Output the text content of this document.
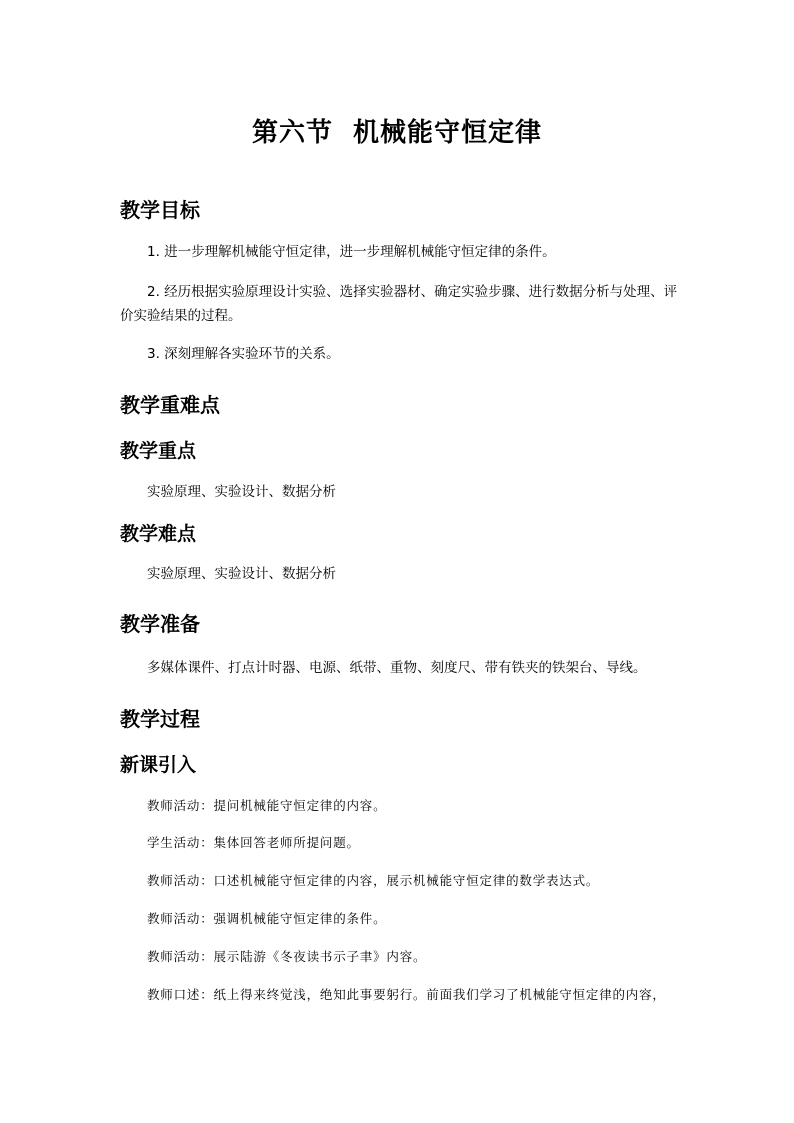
第六节  机械能守恒定律
教学目标
1. 进一步理解机械能守恒定律，进一步理解机械能守恒定律的条件。
2. 经历根据实验原理设计实验、选择实验器材、确定实验步骤、进行数据分析与处理、评价实验结果的过程。
3. 深刻理解各实验环节的关系。
教学重难点
教学重点
实验原理、实验设计、数据分析
教学难点
实验原理、实验设计、数据分析
教学准备
多媒体课件、打点计时器、电源、纸带、重物、刻度尺、带有铁夹的铁架台、导线。
教学过程
新课引入
教师活动：提问机械能守恒定律的内容。
学生活动：集体回答老师所提问题。
教师活动：口述机械能守恒定律的内容，展示机械能守恒定律的数学表达式。
教师活动：强调机械能守恒定律的条件。
教师活动：展示陆游《冬夜读书示子聿》内容。
教师口述：纸上得来终觉浅，绝知此事要躬行。前面我们学习了机械能守恒定律的内容，
